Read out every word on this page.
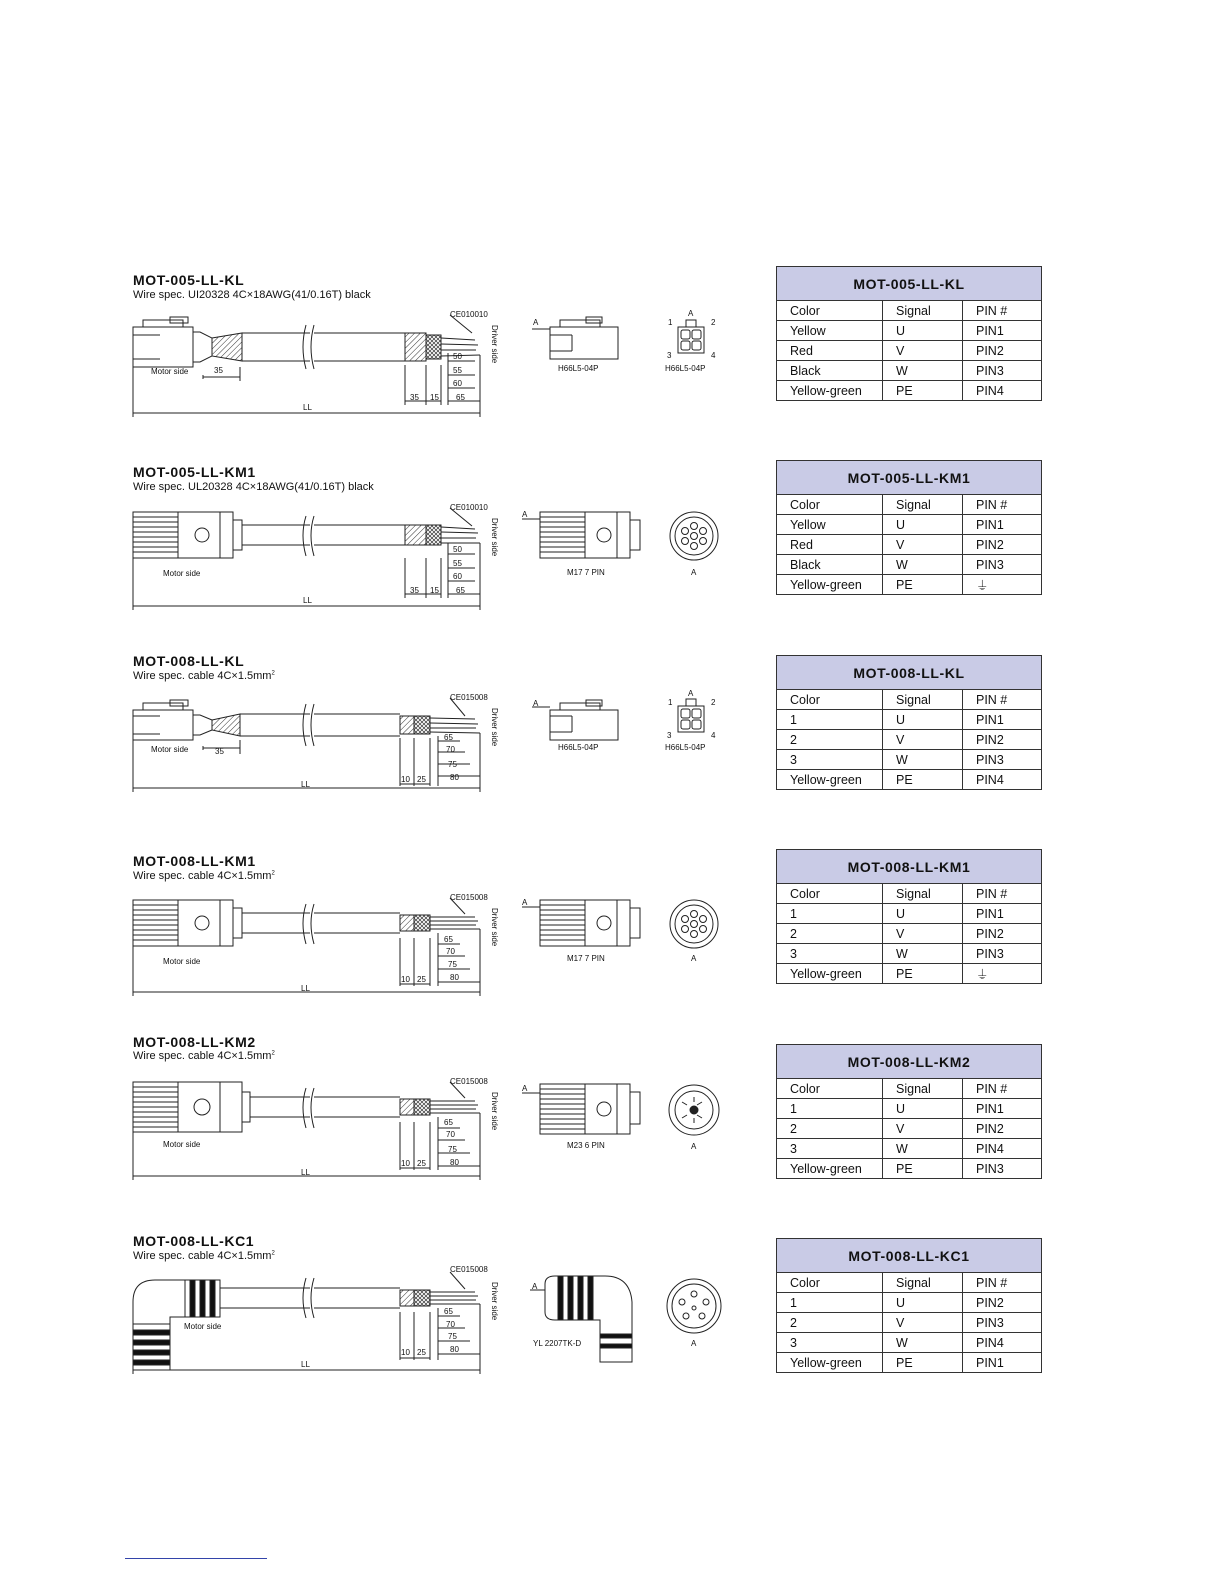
MOT-005-LL-KL
Wire spec. UI20328 4C×18AWG(41/0.16T) black
MOT-005-LL-KM1
Wire spec. UL20328 4C×18AWG(41/0.16T) black
MOT-008-LL-KL
Wire spec. cable $4C\times 1.5mm^2$
MOT-008-LL-KM1
Wire spec. cable $4C\times 1.5mm^2$
MOT-008-LL-KM2
Wire spec. cable $4C\times 1.5mm^2$
MOT-008-LL-KC1
Wire spec. cable $4C\times 1.5mm^2$
CE010010
Driver side
Motor side	35
LL
35 15
50
55
60
65
A
H66L5-04P	H66L5-04P
A
1	2
3	4
CE010010
Driver side
Motor side
LL
35 15
50
55
60
65
A
M17 7 PIN	A
CE015008
Driver side
Motor side	35
LL
10 25
65
70
75
80
A
H66L5-04P	H66L5-04P
A
1	2
3	4
CE015008
Driver side
Motor side
LL
10 25
65
70
75
80
A
M17 7 PIN	A
CE015008
Driver side
Motor side
LL
10 25
65
70
75
80
A
M23 6 PIN	A
CE015008
Driver side
Motor side
LL
10 25
65
70
75
80
A
YL 2207TK-D	A
MOT-005-LL-KL		
Color	Signal	PIN #
Yellow	U	PIN1
Red	V	PIN2
Black	W	PIN3
Yellow-green	PE	PIN4
MOT-005-LL-KM1		
Color	Signal	PIN #
Yellow	U	PIN1
Red	V	PIN2
Black	W	PIN3
Yellow-green	PE	⏚
MOT-008-LL-KL		
Color	Signal	PIN #
1	U	PIN1
2	V	PIN2
3	W	PIN3
Yellow-green	PE	PIN4
MOT-008-LL-KM1		
Color	Signal	PIN #
1	U	PIN1
2	V	PIN2
3	W	PIN3
Yellow-green	PE	⏚
MOT-008-LL-KM2		
Color	Signal	PIN #
1	U	PIN1
2	V	PIN2
3	W	PIN4
Yellow-green	PE	PIN3
MOT-008-LL-KC1		
Color	Signal	PIN #
1	U	PIN2
2	V	PIN3
3	W	PIN4
Yellow-green	PE	PIN1
